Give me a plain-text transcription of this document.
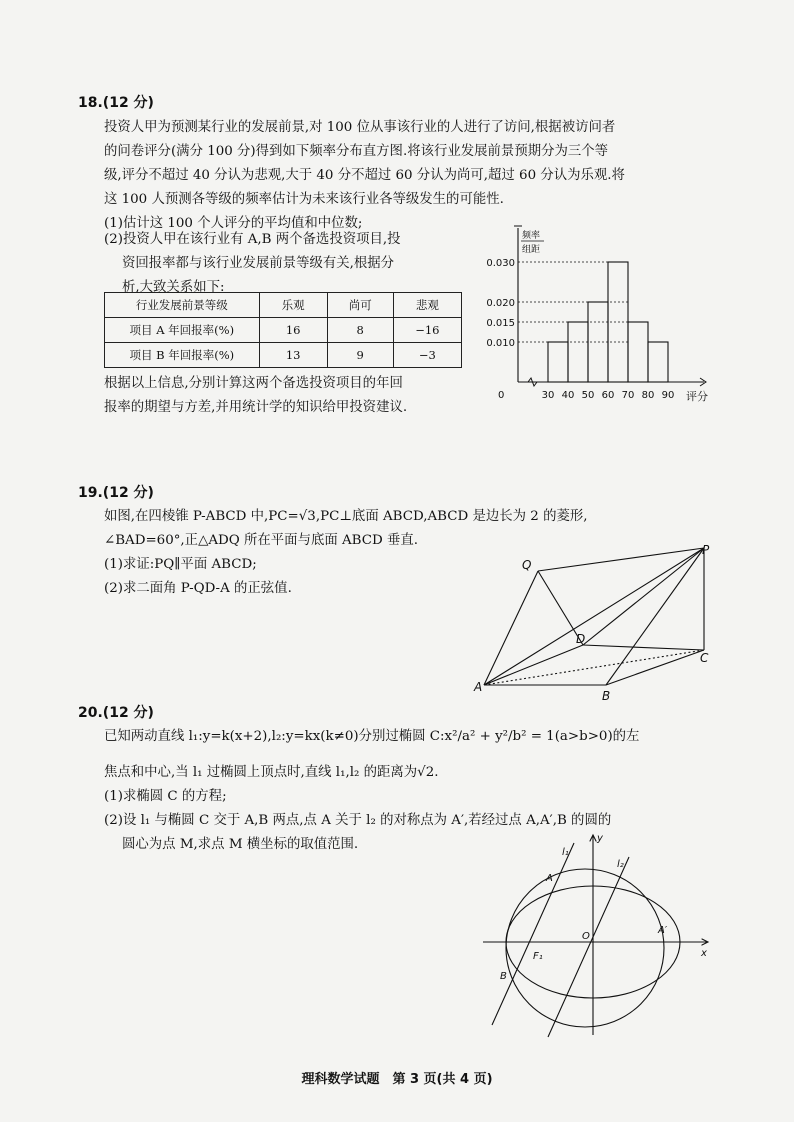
18.(12 分)
投资人甲为预测某行业的发展前景,对 100 位从事该行业的人进行了访问,根据被访问者
的问卷评分(满分 100 分)得到如下频率分布直方图.将该行业发展前景预期分为三个等
级,评分不超过 40 分认为悲观,大于 40 分不超过 60 分认为尚可,超过 60 分认为乐观.将
这 100 人预测各等级的频率估计为未来该行业各等级发生的可能性.
(1)估计这 100 个人评分的平均值和中位数;
(2)投资人甲在该行业有 A,B 两个备选投资项目,投
资回报率都与该行业发展前景等级有关,根据分
析,大致关系如下:
行业发展前景等级	乐观	尚可	悲观
项目 A 年回报率(%)	16	8	−16
项目 B 年回报率(%)	13	9	−3
根据以上信息,分别计算这两个备选投资项目的年回
报率的期望与方差,并用统计学的知识给甲投资建议.
0.030
0.020
0.015
0.010
30 40 50 60 70 80 90
0	评分
频率
组距
19.(12 分)
如图,在四棱锥 P-ABCD 中,PC=√3,PC⊥底面 ABCD,ABCD 是边长为 2 的菱形,
∠BAD=60°,正△ADQ 所在平面与底面 ABCD 垂直.
(1)求证:PQ∥平面 ABCD;
(2)求二面角 P-QD-A 的正弦值.
Q
P
D
C
A
B
20.(12 分)
已知两动直线 l₁:y=k(x+2),l₂:y=kx(k≠0)分别过椭圆 C:x²/a² + y²/b² = 1(a>b>0)的左
焦点和中心,当 l₁ 过椭圆上顶点时,直线 l₁,l₂ 的距离为√2.
(1)求椭圆 C 的方程;
(2)设 l₁ 与椭圆 C 交于 A,B 两点,点 A 关于 l₂ 的对称点为 A′,若经过点 A,A′,B 的圆的
圆心为点 M,求点 M 横坐标的取值范围.
l₁
l₂
y
x
A
A′
O
F₁
B
理科数学试题　第 3 页(共 4 页)
